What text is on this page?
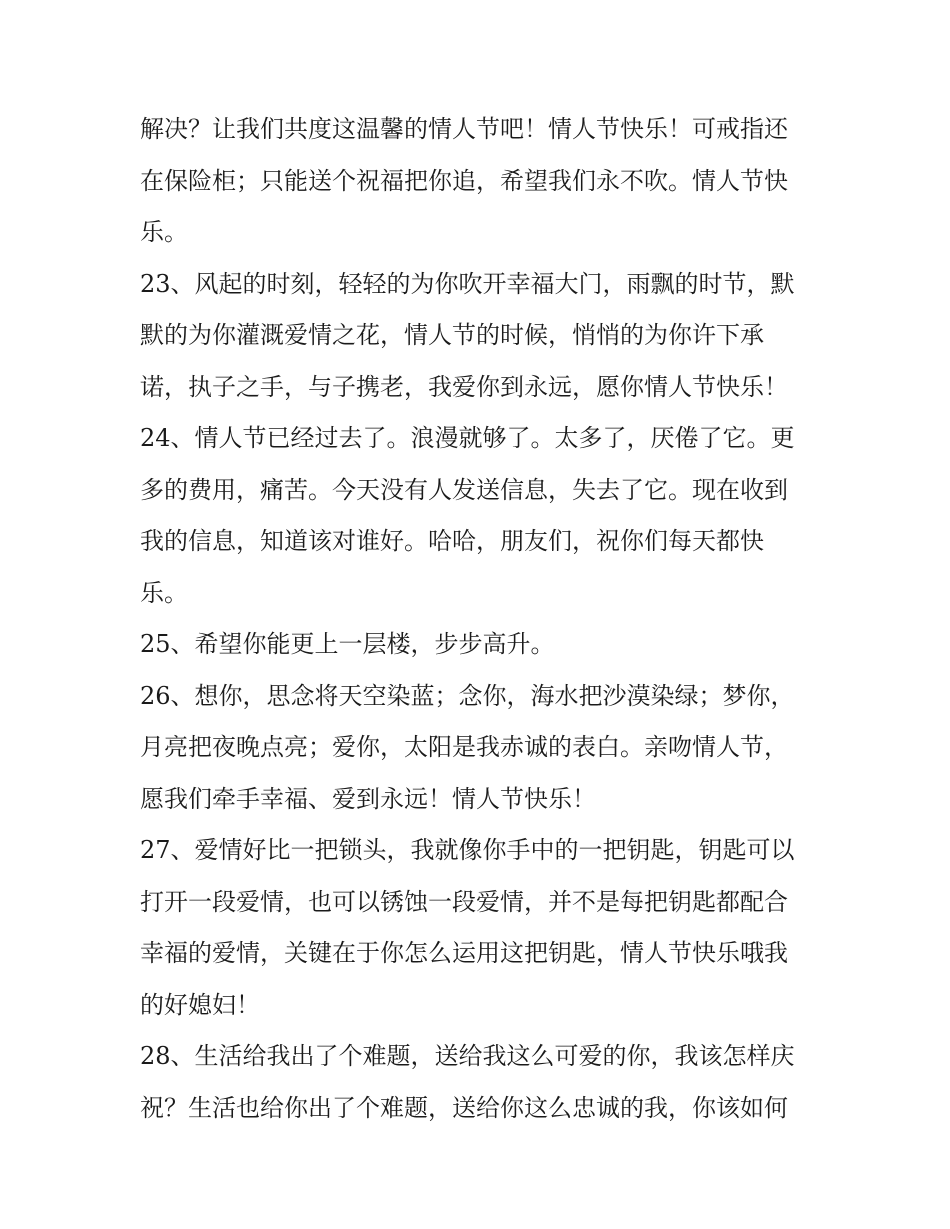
解决？让我们共度这温馨的情人节吧！情人节快乐！可戒指还
在保险柜；只能送个祝福把你追，希望我们永不吹。情人节快
乐。
23、风起的时刻，轻轻的为你吹开幸福大门，雨飘的时节，默
默的为你灌溉爱情之花，情人节的时候，悄悄的为你许下承
诺，执子之手，与子携老，我爱你到永远，愿你情人节快乐！
24、情人节已经过去了。浪漫就够了。太多了，厌倦了它。更
多的费用，痛苦。今天没有人发送信息，失去了它。现在收到
我的信息，知道该对谁好。哈哈，朋友们，祝你们每天都快
乐。
25、希望你能更上一层楼，步步高升。
26、想你，思念将天空染蓝；念你，海水把沙漠染绿；梦你，
月亮把夜晚点亮；爱你，太阳是我赤诚的表白。亲吻情人节，
愿我们牵手幸福、爱到永远！情人节快乐！
27、爱情好比一把锁头，我就像你手中的一把钥匙，钥匙可以
打开一段爱情，也可以锈蚀一段爱情，并不是每把钥匙都配合
幸福的爱情，关键在于你怎么运用这把钥匙，情人节快乐哦我
的好媳妇！
28、生活给我出了个难题，送给我这么可爱的你，我该怎样庆
祝？生活也给你出了个难题，送给你这么忠诚的我，你该如何
